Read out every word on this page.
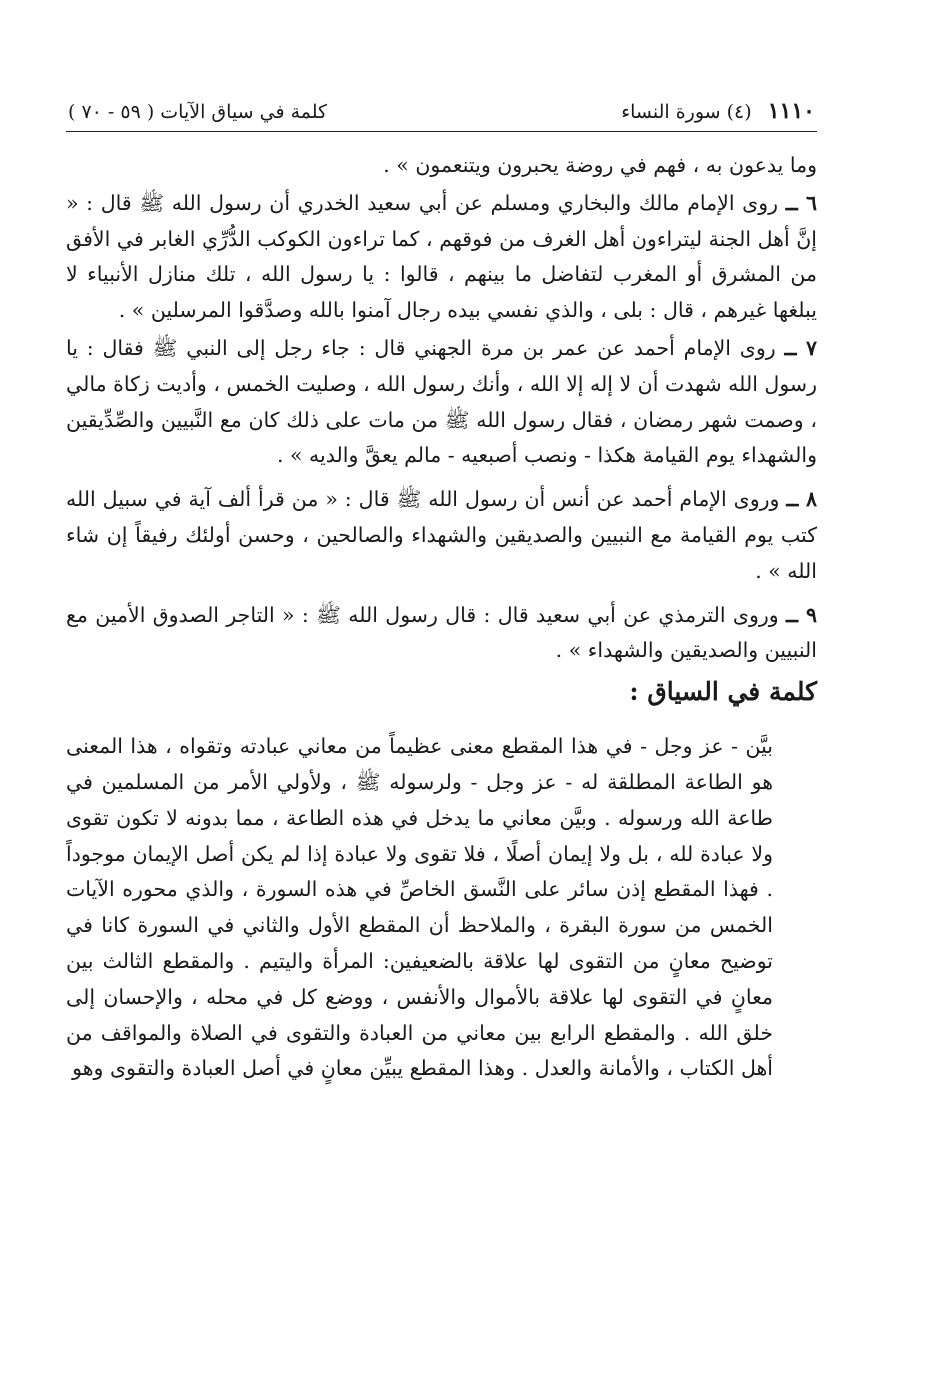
١١١٠ (٤) سورة النساء
كلمة في سياق الآيات ( ٥٩ - ٧٠ )

وما يدعون به ، فهم في روضة يحبرون ويتنعمون » .

٦ ــ روى الإمام مالك والبخاري ومسلم عن أبي سعيد الخدري أن رسول الله ﷺ قال : « إنَّ أهل الجنة ليتراءون أهل الغرف من فوقهم ، كما تراءون الكوكب الدُّرِّي الغابر في الأفق من المشرق أو المغرب لتفاضل ما بينهم ، قالوا : يا رسول الله ، تلك منازل الأنبياء لا يبلغها غيرهم ، قال : بلى ، والذي نفسي بيده رجال آمنوا بالله وصدَّقوا المرسلين » .

٧ ــ روى الإمام أحمد عن عمر بن مرة الجهني قال : جاء رجل إلى النبي ﷺ فقال : يا رسول الله شهدت أن لا إله إلا الله ، وأنك رسول الله ، وصليت الخمس ، وأديت زكاة مالي ، وصمت شهر رمضان ، فقال رسول الله ﷺ من مات على ذلك كان مع النَّبيين والصِّدِّيقين والشهداء يوم القيامة هكذا - ونصب أصبعيه - مالم يعقَّ والديه » .

٨ ــ وروى الإمام أحمد عن أنس أن رسول الله ﷺ قال : « من قرأ ألف آية في سبيل الله كتب يوم القيامة مع النبيين والصديقين والشهداء والصالحين ، وحسن أولئك رفيقاً إن شاء الله » .

٩ ــ وروى الترمذي عن أبي سعيد قال : قال رسول الله ﷺ : « التاجر الصدوق الأمين مع النبيين والصديقين والشهداء » .

كلمة في السياق :

بيَّن - عز وجل - في هذا المقطع معنى عظيماً من معاني عبادته وتقواه ، هذا المعنى هو الطاعة المطلقة له - عز وجل - ولرسوله ﷺ ، ولأولي الأمر من المسلمين في طاعة الله ورسوله . وبيَّن معاني ما يدخل في هذه الطاعة ، مما بدونه لا تكون تقوى ولا عبادة لله ، بل ولا إيمان أصلًا ، فلا تقوى ولا عبادة إذا لم يكن أصل الإيمان موجوداً . فهذا المقطع إذن سائر على النَّسق الخاصِّ في هذه السورة ، والذي محوره الآيات الخمس من سورة البقرة ، والملاحظ أن المقطع الأول والثاني في السورة كانا في توضيح معانٍ من التقوى لها علاقة بالضعيفين: المرأة واليتيم . والمقطع الثالث بين معانٍ في التقوى لها علاقة بالأموال والأنفس ، ووضع كل في محله ، والإحسان إلى خلق الله . والمقطع الرابع بين معاني من العبادة والتقوى في الصلاة والمواقف من أهل الكتاب ، والأمانة والعدل . وهذا المقطع يبيِّن معانٍ في أصل العبادة والتقوى وهو
